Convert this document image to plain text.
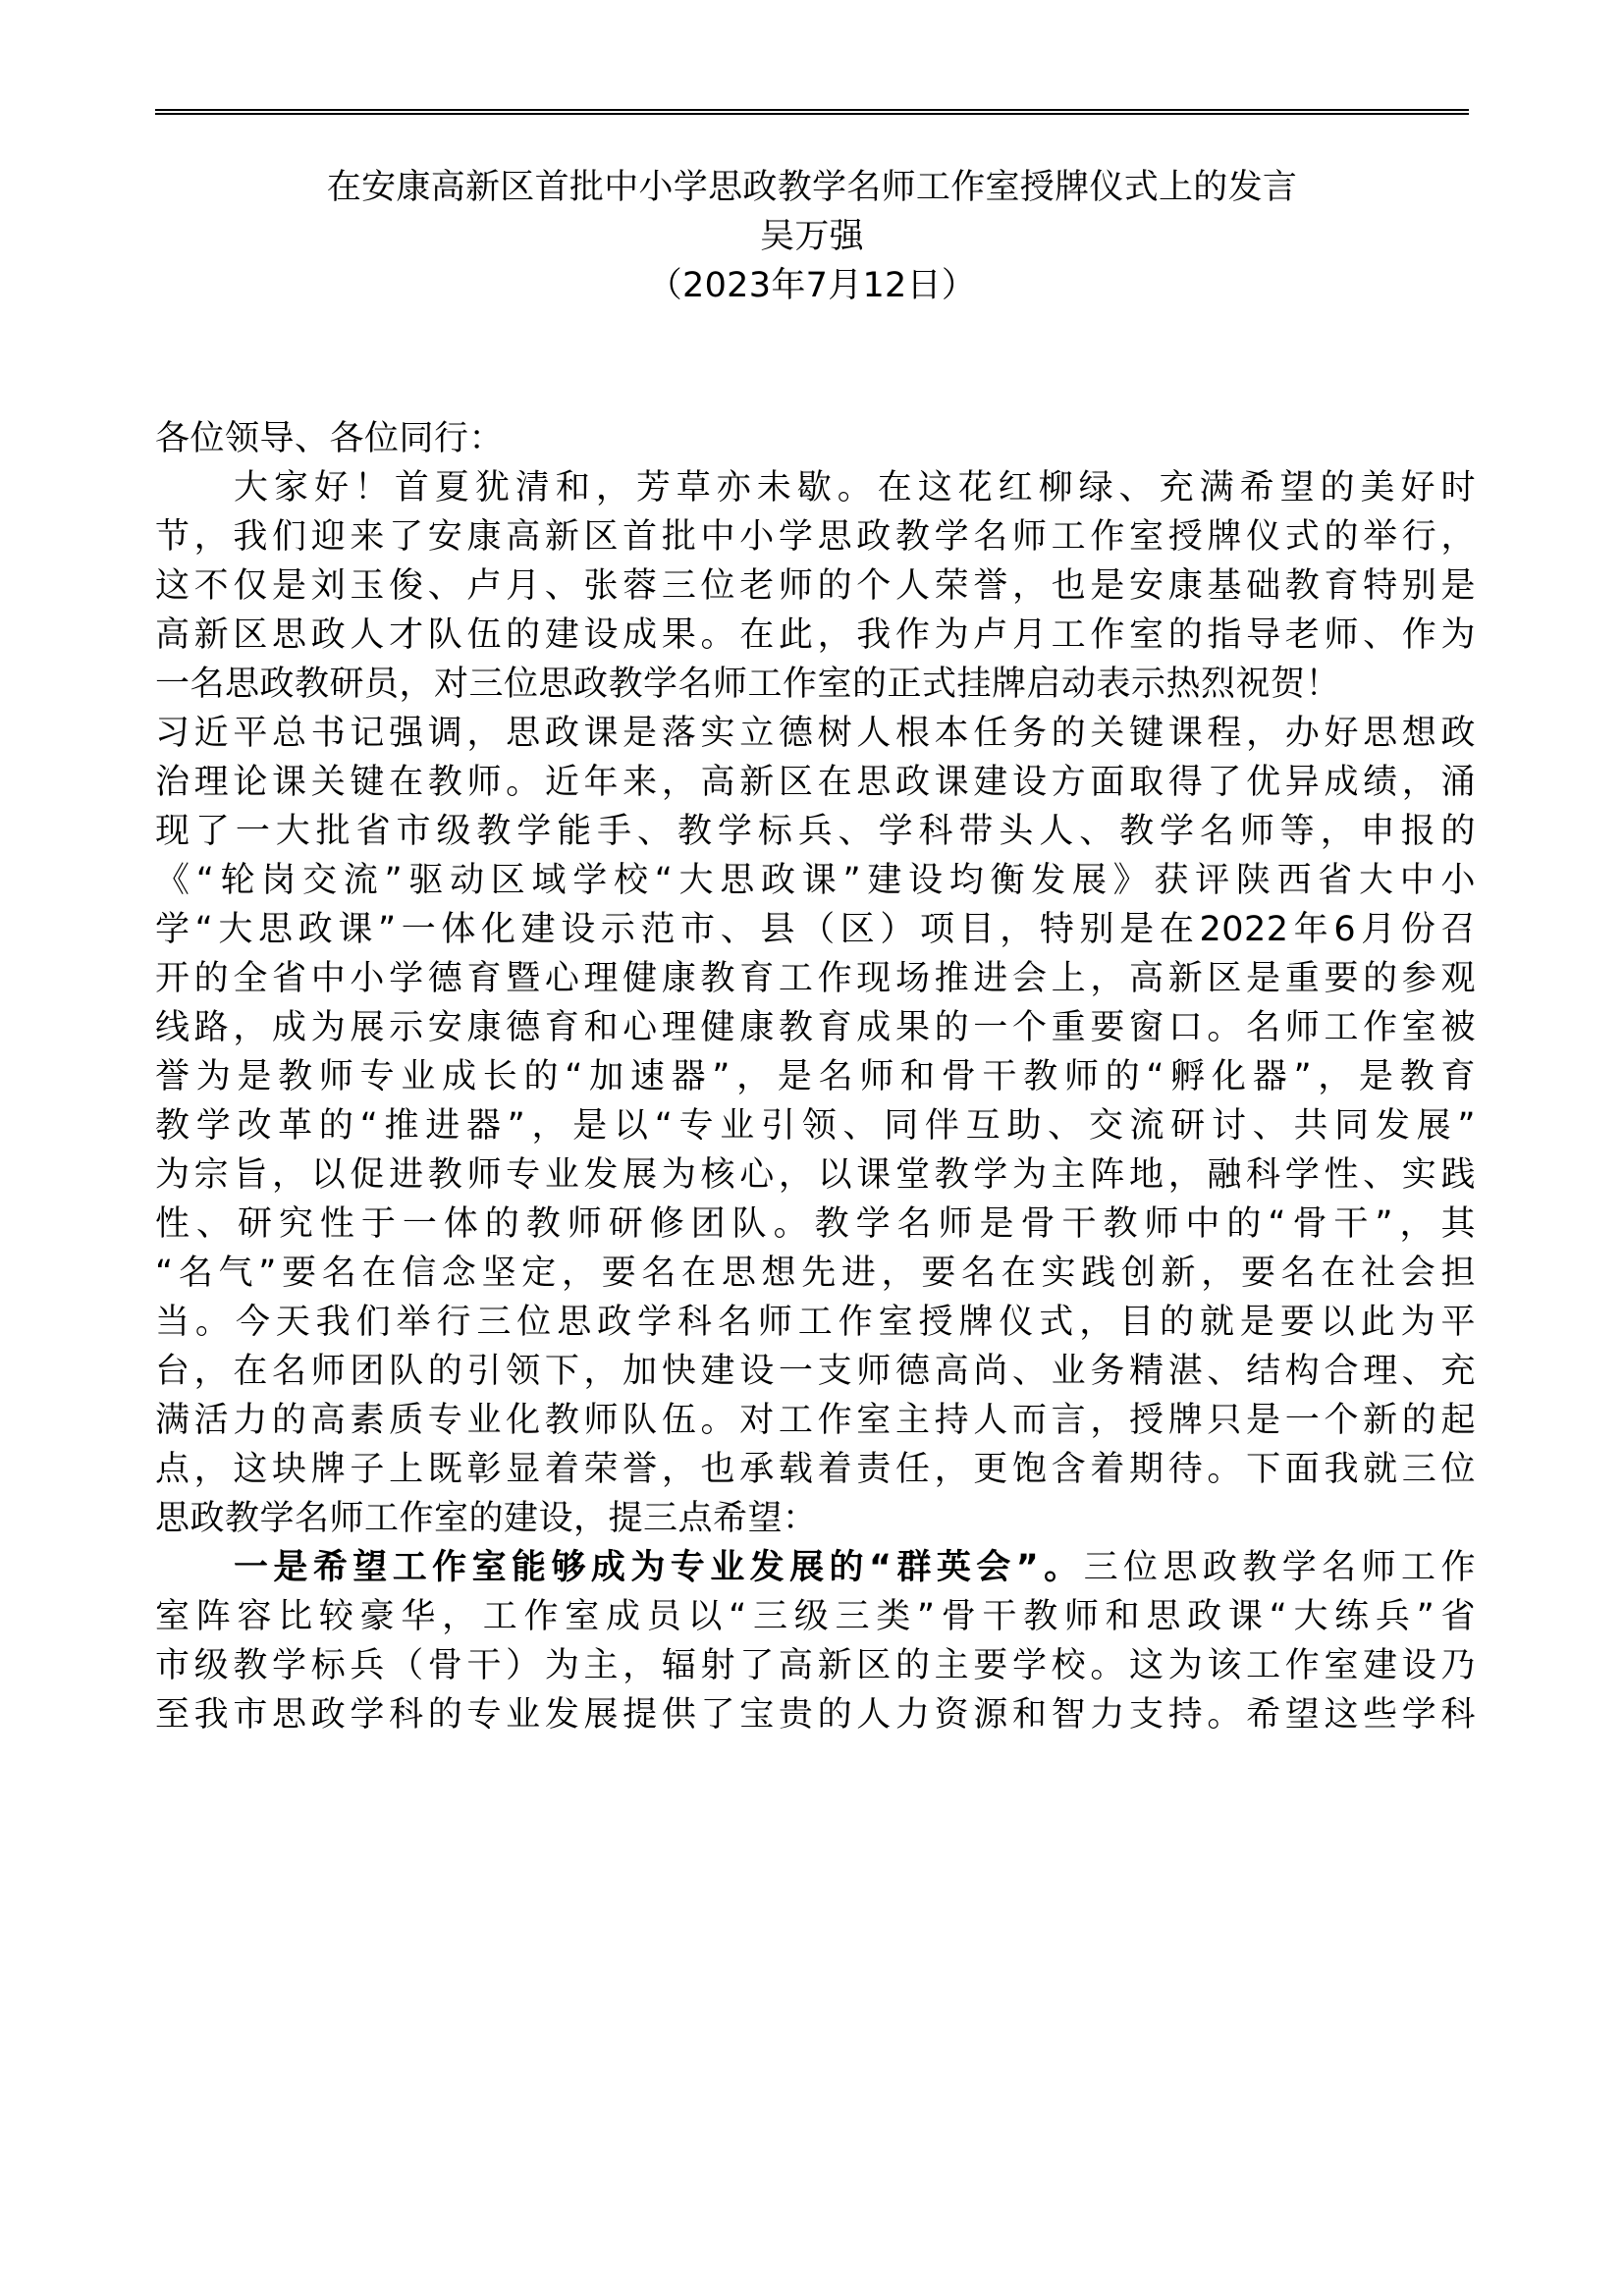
在安康高新区首批中小学思政教学名师工作室授牌仪式上的发言
吴万强
（2023年7月12日）
各位领导、各位同行：
大家好！首夏犹清和，芳草亦未歇。在这花红柳绿、充满希望的美好时
节，我们迎来了安康高新区首批中小学思政教学名师工作室授牌仪式的举行，
这不仅是刘玉俊、卢月、张蓉三位老师的个人荣誉，也是安康基础教育特别是
高新区思政人才队伍的建设成果。在此，我作为卢月工作室的指导老师、作为
一名思政教研员，对三位思政教学名师工作室的正式挂牌启动表示热烈祝贺！
习近平总书记强调，思政课是落实立德树人根本任务的关键课程，办好思想政
治理论课关键在教师。近年来，高新区在思政课建设方面取得了优异成绩，涌
现了一大批省市级教学能手、教学标兵、学科带头人、教学名师等，申报的
《“轮岗交流”驱动区域学校“大思政课”建设均衡发展》获评陕西省大中小
学“大思政课”一体化建设示范市、县（区）项目，特别是在2022年6月份召
开的全省中小学德育暨心理健康教育工作现场推进会上，高新区是重要的参观
线路，成为展示安康德育和心理健康教育成果的一个重要窗口。名师工作室被
誉为是教师专业成长的“加速器”，是名师和骨干教师的“孵化器”，是教育
教学改革的“推进器”，是以“专业引领、同伴互助、交流研讨、共同发展”
为宗旨，以促进教师专业发展为核心，以课堂教学为主阵地，融科学性、实践
性、研究性于一体的教师研修团队。教学名师是骨干教师中的“骨干”，其
“名气”要名在信念坚定，要名在思想先进，要名在实践创新，要名在社会担
当。今天我们举行三位思政学科名师工作室授牌仪式，目的就是要以此为平
台，在名师团队的引领下，加快建设一支师德高尚、业务精湛、结构合理、充
满活力的高素质专业化教师队伍。对工作室主持人而言，授牌只是一个新的起
点，这块牌子上既彰显着荣誉，也承载着责任，更饱含着期待。下面我就三位
思政教学名师工作室的建设，提三点希望：
一是希望工作室能够成为专业发展的“群英会”。三位思政教学名师工作
室阵容比较豪华，工作室成员以“三级三类”骨干教师和思政课“大练兵”省
市级教学标兵（骨干）为主，辐射了高新区的主要学校。这为该工作室建设乃
至我市思政学科的专业发展提供了宝贵的人力资源和智力支持。希望这些学科
